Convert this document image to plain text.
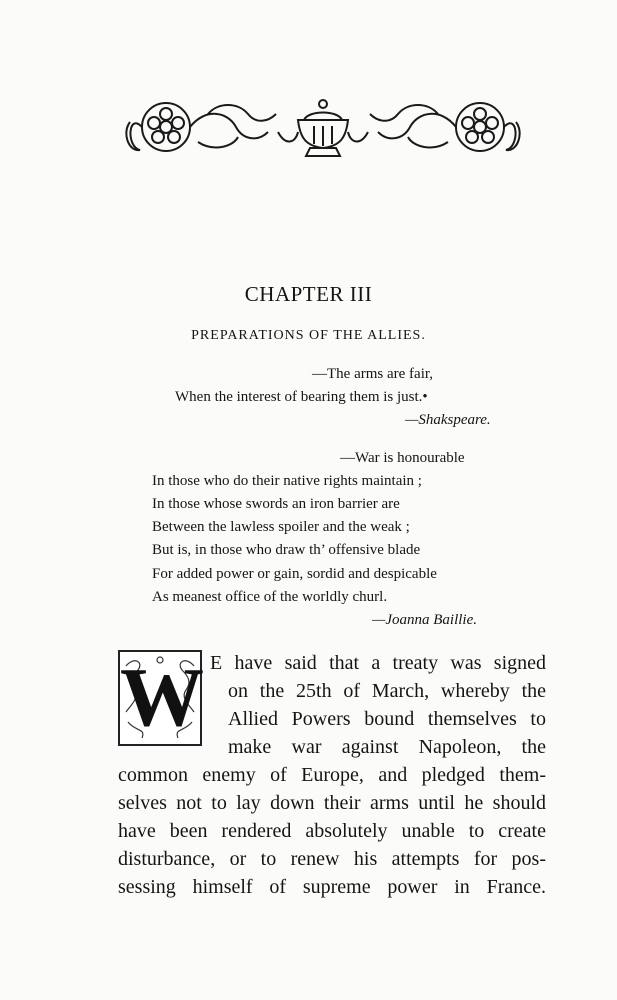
CHAPTER III
PREPARATIONS OF THE ALLIES.
—The arms are fair,
When the interest of bearing them is just.•
—Shakspeare.
—War is honourable
In those who do their native rights maintain ;
In those whose swords an iron barrier are
Between the lawless spoiler and the weak ;
But is, in those who draw th’ offensive blade
For added power or gain, sordid and despicable
As meanest office of the worldly churl.
—Joanna Baillie.
W E have said that a treaty was signed
on the 25th of March, whereby the
Allied Powers bound themselves to
make war against Napoleon, the
common enemy of Europe, and pledged them-
selves not to lay down their arms until he should
have been rendered absolutely unable to create
disturbance, or to renew his attempts for pos-
sessing himself of supreme power in France.
